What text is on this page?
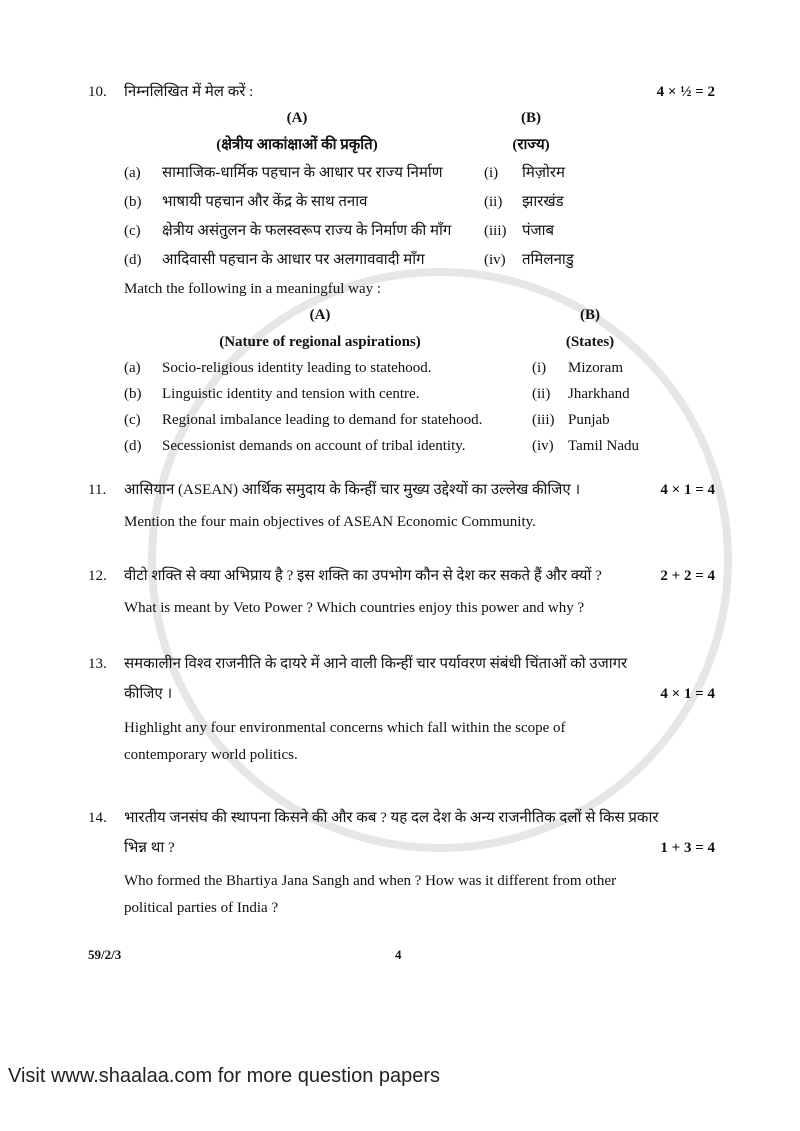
10.	निम्नलिखित में मेल करें :	4 × ½ = 2
(A)	(B)
(क्षेत्रीय आकांक्षाओं की प्रकृति)	(राज्य)
(a)	सामाजिक-धार्मिक पहचान के आधार पर राज्य निर्माण	(i)	मिज़ोरम
(b)	भाषायी पहचान और केंद्र के साथ तनाव	(ii)	झारखंड
(c)	क्षेत्रीय असंतुलन के फलस्वरूप राज्य के निर्माण की माँग	(iii)	पंजाब
(d)	आदिवासी पहचान के आधार पर अलगाववादी माँग	(iv)	तमिलनाडु
Match the following in a meaningful way :
(A)	(B)
(Nature of regional aspirations)	(States)
(a)	Socio-religious identity leading to statehood.	(i)	Mizoram
(b)	Linguistic identity and tension with centre.	(ii)	Jharkhand
(c)	Regional imbalance leading to demand for statehood.	(iii) Punjab
(d)	Secessionist demands on account of tribal identity.	(iv) Tamil Nadu
11.	आसियान (ASEAN) आर्थिक समुदाय के किन्हीं चार मुख्य उद्देश्यों का उल्लेख कीजिए ।	4 × 1 = 4
Mention the four main objectives of ASEAN Economic Community.
12.	वीटो शक्ति से क्या अभिप्राय है ? इस शक्ति का उपभोग कौन से देश कर सकते हैं और क्यों ?	2 + 2 = 4
What is meant by Veto Power ? Which countries enjoy this power and why ?
13.	समकालीन विश्व राजनीति के दायरे में आने वाली किन्हीं चार पर्यावरण संबंधी चिंताओं को उजागर
कीजिए ।	4 × 1 = 4
Highlight any four environmental concerns which fall within the scope of
contemporary world politics.
14.	भारतीय जनसंघ की स्थापना किसने की और कब ? यह दल देश के अन्य राजनीतिक दलों से किस प्रकार
भिन्न था ?	1 + 3 = 4
Who formed the Bhartiya Jana Sangh and when ? How was it different from other
political parties of India ?
59/2/3	4
Visit www.shaalaa.com for more question papers
